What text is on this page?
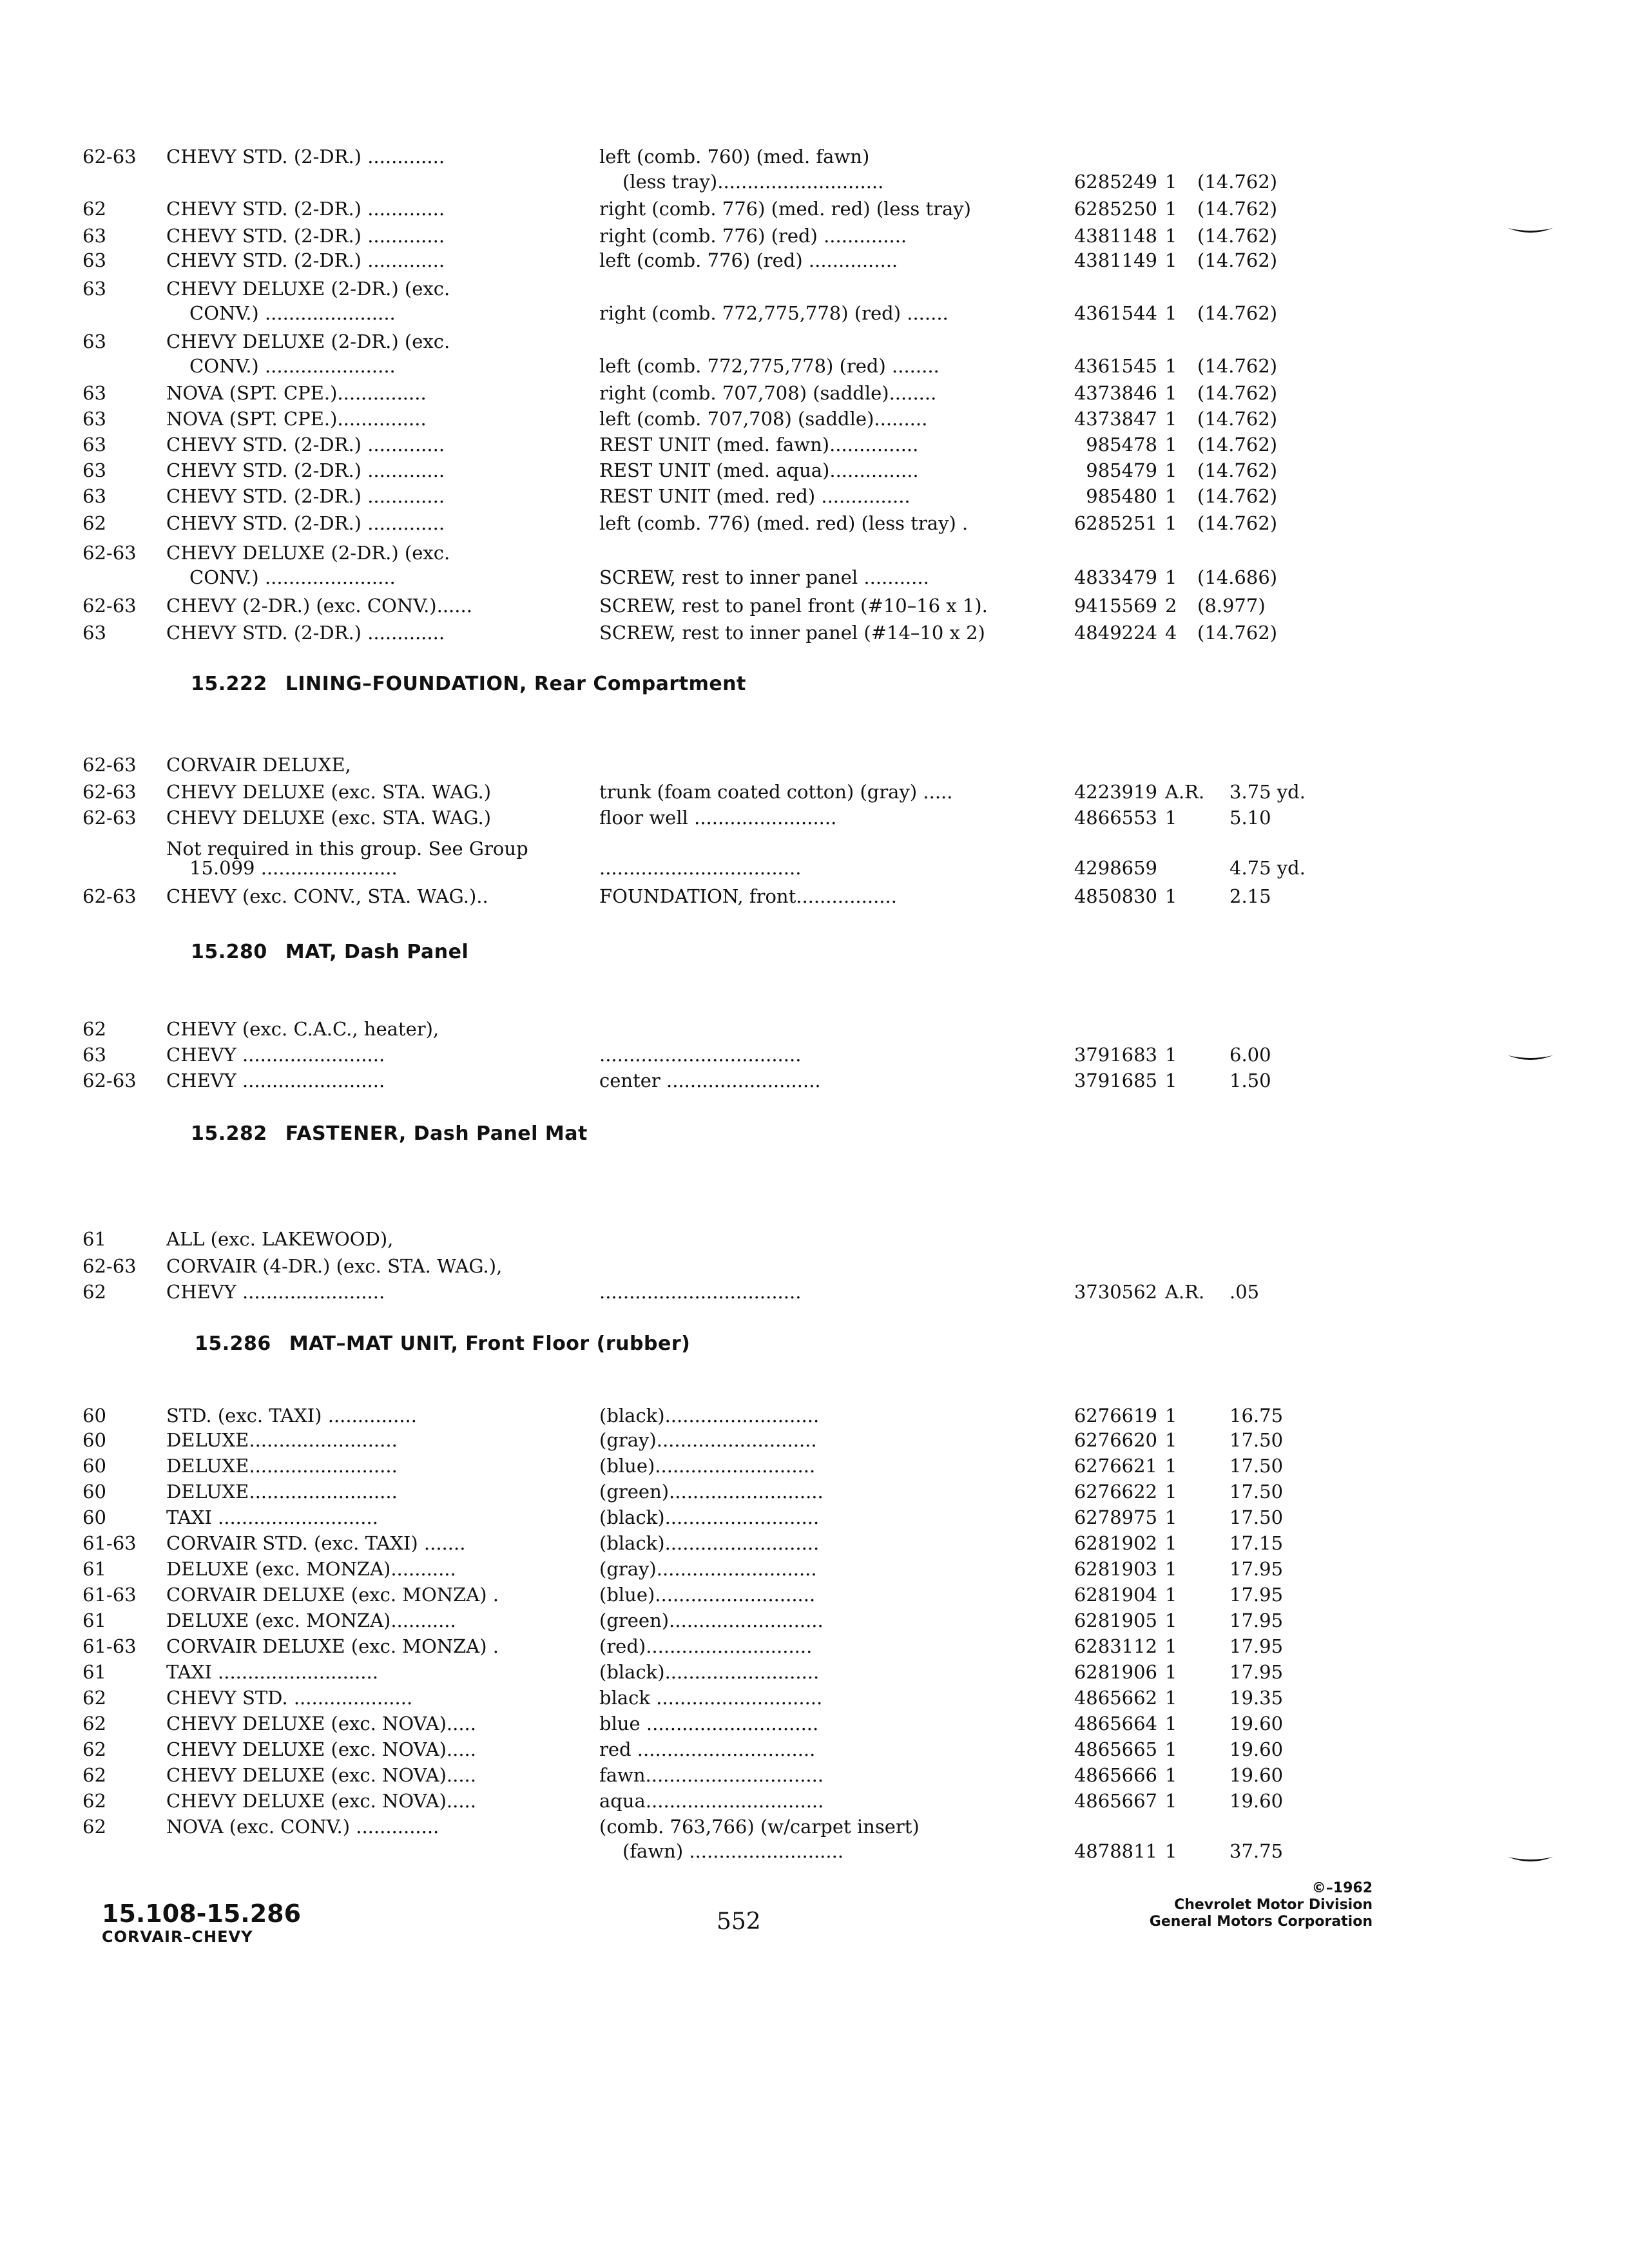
62-63 CHEVY STD. (2-DR.) .............	left (comb. 760) (med. fawn)
(less tray)............................	6285249 1 (14.762)
62	CHEVY STD. (2-DR.) .............	right (comb. 776) (med. red) (less tray)	6285250 1 (14.762)
63	CHEVY STD. (2-DR.) .............	right (comb. 776) (red) ..............	4381148 1 (14.762)
63	CHEVY STD. (2-DR.) .............	left (comb. 776) (red) ...............	4381149 1 (14.762)
63	CHEVY DELUXE (2-DR.) (exc.
CONV.) ......................	right (comb. 772,775,778) (red) .......	4361544 1 (14.762)
63	CHEVY DELUXE (2-DR.) (exc.
CONV.) ......................	left (comb. 772,775,778) (red) ........	4361545 1 (14.762)
63	NOVA (SPT. CPE.)...............	right (comb. 707,708) (saddle)........	4373846 1 (14.762)
63	NOVA (SPT. CPE.)...............	left (comb. 707,708) (saddle).........	4373847 1 (14.762)
63	CHEVY STD. (2-DR.) .............	REST UNIT (med. fawn)...............	985478 1 (14.762)
63	CHEVY STD. (2-DR.) .............	REST UNIT (med. aqua)...............	985479 1 (14.762)
63	CHEVY STD. (2-DR.) .............	REST UNIT (med. red) ...............	985480 1 (14.762)
62	CHEVY STD. (2-DR.) .............	left (comb. 776) (med. red) (less tray) .	6285251 1 (14.762)
62-63 CHEVY DELUXE (2-DR.) (exc.
CONV.) ......................	SCREW, rest to inner panel ...........	4833479 1 (14.686)
62-63 CHEVY (2-DR.) (exc. CONV.)......	SCREW, rest to panel front (#10–16 x 1).	9415569 2 (8.977)
63	CHEVY STD. (2-DR.) .............	SCREW, rest to inner panel (#14–10 x 2)	4849224 4 (14.762)
15.222 LINING–FOUNDATION, Rear Compartment
62-63 CORVAIR DELUXE,
62-63 CHEVY DELUXE (exc. STA. WAG.)	trunk (foam coated cotton) (gray) .....	4223919 A.R. 3.75 yd.
62-63 CHEVY DELUXE (exc. STA. WAG.)	floor well ........................	4866553 1	5.10
Not required in this group. See Group
15.099 .......................	..................................	4298659	4.75 yd.
62-63 CHEVY (exc. CONV., STA. WAG.)..	FOUNDATION, front.................	4850830 1	2.15
15.280 MAT, Dash Panel
62	CHEVY (exc. C.A.C., heater),
63	CHEVY ........................	..................................	3791683 1	6.00
62-63 CHEVY ........................	center ..........................	3791685 1	1.50
15.282 FASTENER, Dash Panel Mat
61	ALL (exc. LAKEWOOD),
62-63 CORVAIR (4-DR.) (exc. STA. WAG.),
62	CHEVY ........................	..................................	3730562 A.R. .05
15.286 MAT–MAT UNIT, Front Floor (rubber)
60	STD. (exc. TAXI) ...............	(black)..........................	6276619 1	16.75
60	DELUXE.........................	(gray)...........................	6276620 1	17.50
60	DELUXE.........................	(blue)...........................	6276621 1	17.50
60	DELUXE.........................	(green)..........................	6276622 1	17.50
60	TAXI ...........................	(black)..........................	6278975 1	17.50
61-63 CORVAIR STD. (exc. TAXI) .......	(black)..........................	6281902 1	17.15
61	DELUXE (exc. MONZA)...........	(gray)...........................	6281903 1	17.95
61-63 CORVAIR DELUXE (exc. MONZA) .	(blue)...........................	6281904 1	17.95
61	DELUXE (exc. MONZA)...........	(green)..........................	6281905 1	17.95
61-63 CORVAIR DELUXE (exc. MONZA) .	(red)............................	6283112 1	17.95
61	TAXI ...........................	(black)..........................	6281906 1	17.95
62	CHEVY STD. ....................	black ............................	4865662 1	19.35
62	CHEVY DELUXE (exc. NOVA).....	blue .............................	4865664 1	19.60
62	CHEVY DELUXE (exc. NOVA).....	red ..............................	4865665 1	19.60
62	CHEVY DELUXE (exc. NOVA).....	fawn..............................	4865666 1	19.60
62	CHEVY DELUXE (exc. NOVA).....	aqua..............................	4865667 1	19.60
62	NOVA (exc. CONV.) ..............	(comb. 763,766) (w/carpet insert)
(fawn) ..........................	4878811 1	37.75
15.108-15.286
CORVAIR–CHEVY
552
©–1962
Chevrolet Motor Division
General Motors Corporation
